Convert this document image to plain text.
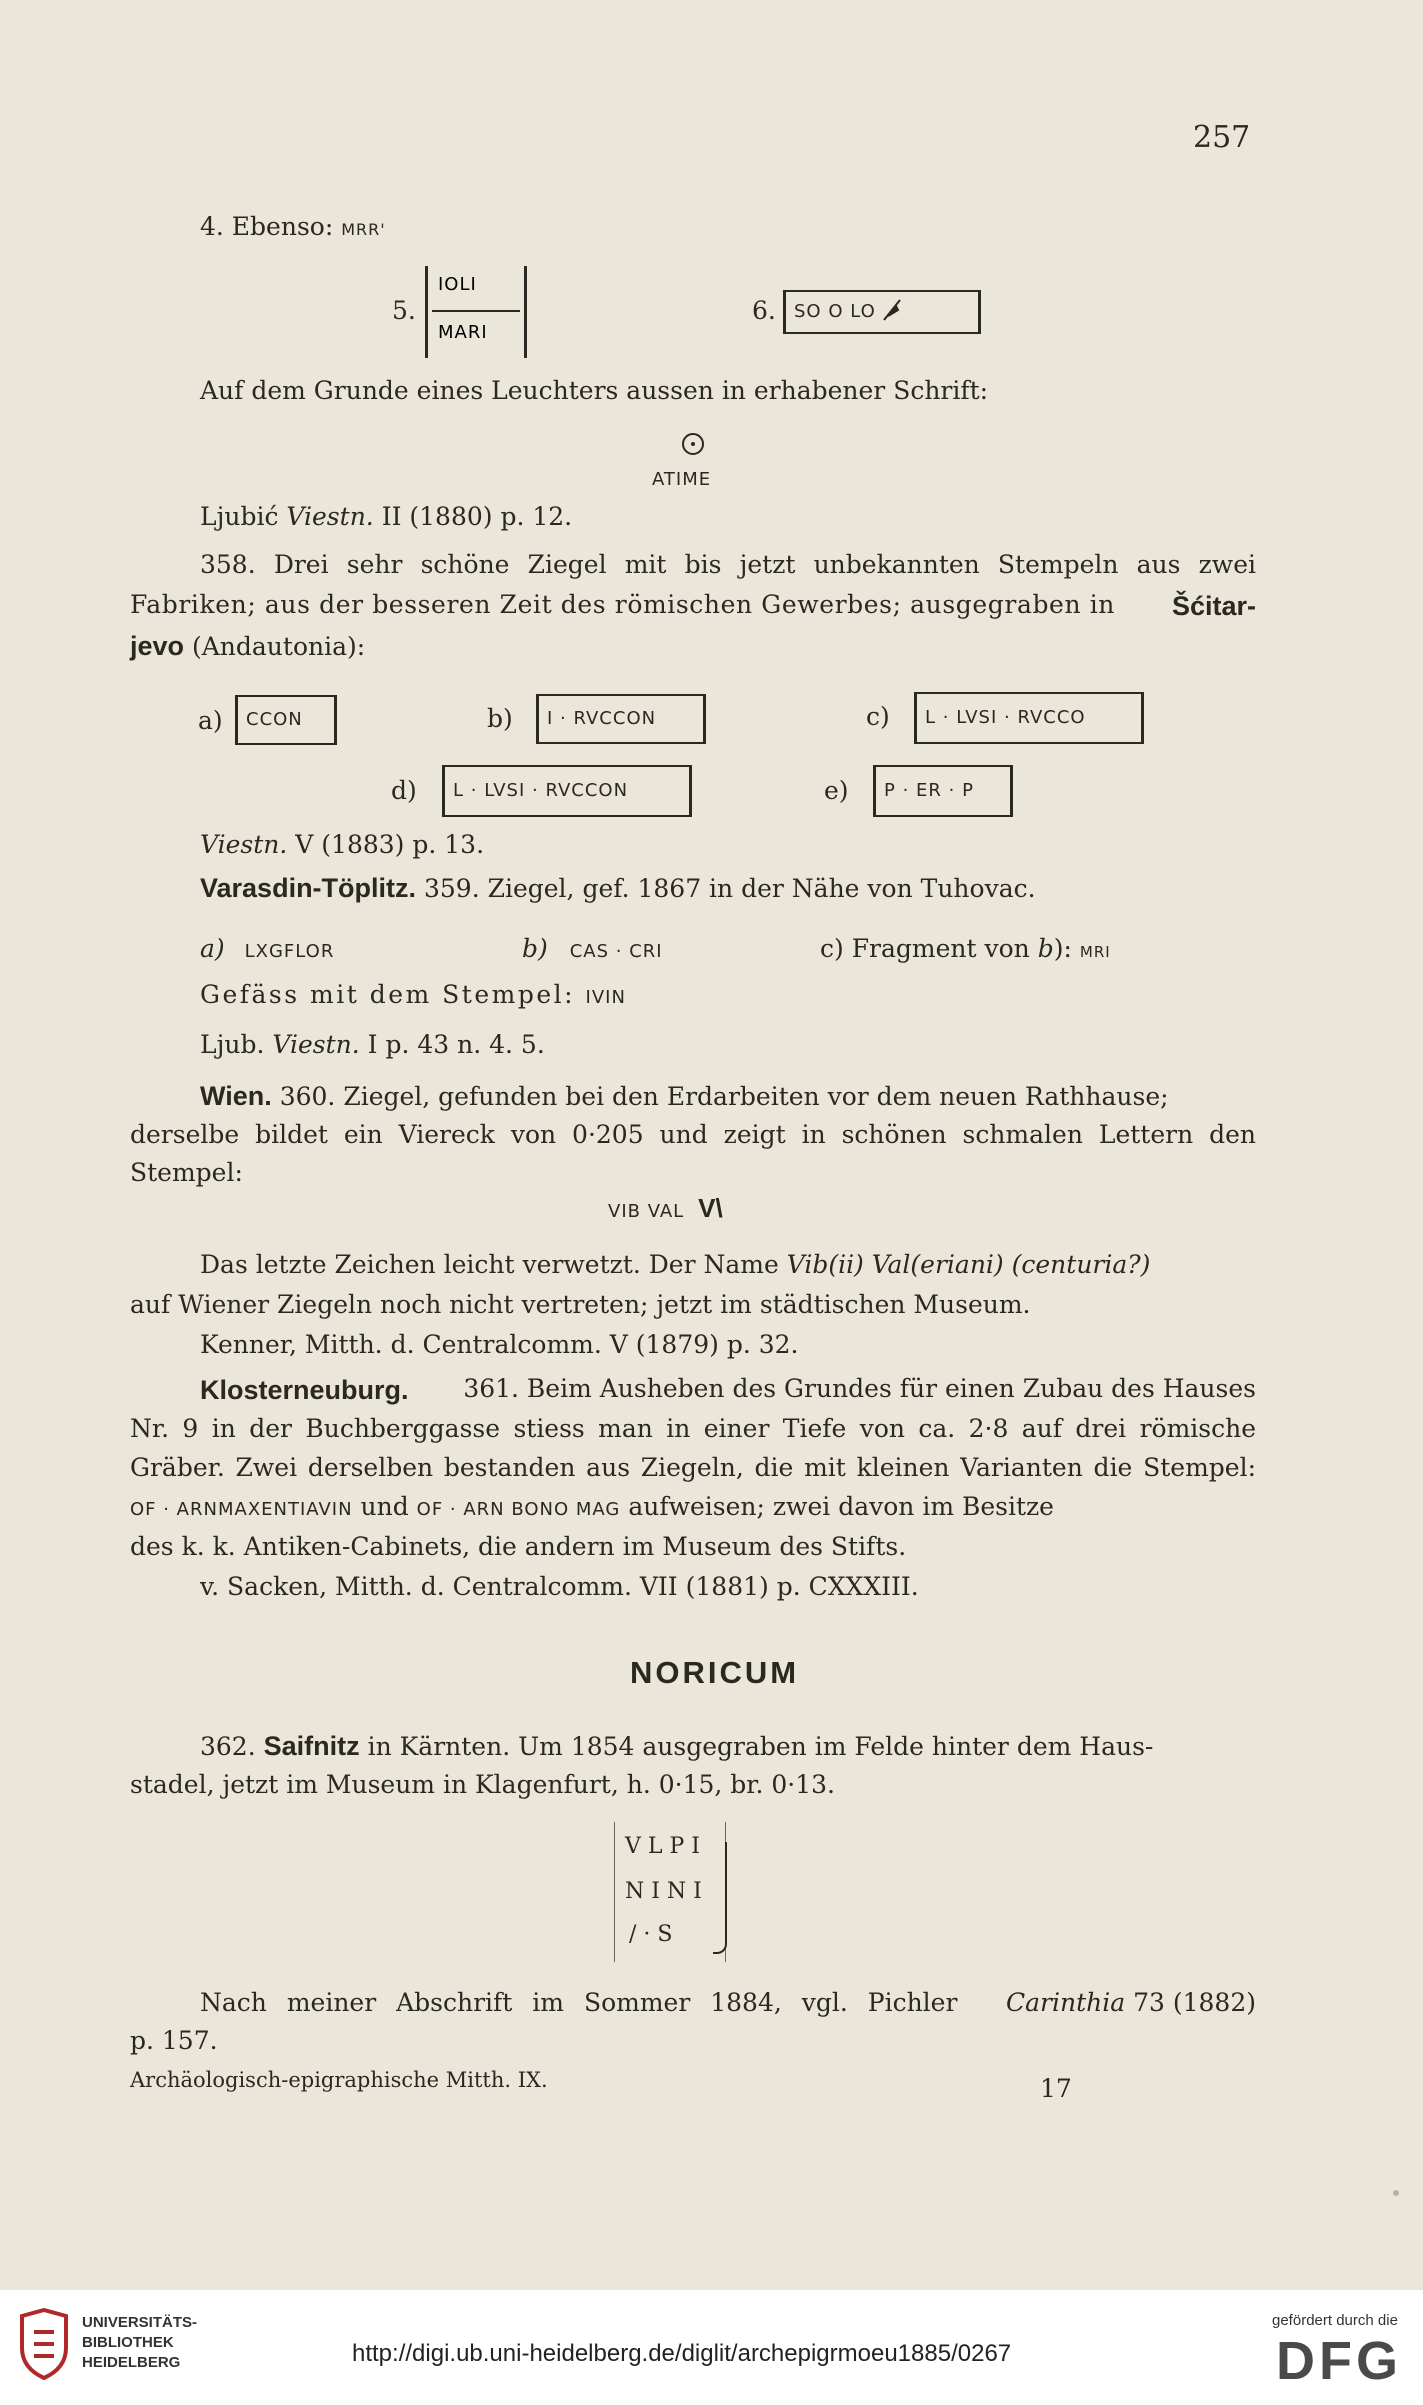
257
4. Ebenso: MRR'
5.
IOLI
MARI
6. SO O LO
Auf dem Grunde eines Leuchters aussen in erhabener Schrift:
ATIME
Ljubić Viestn. II (1880) p. 12.
358. Drei sehr schöne Ziegel mit bis jetzt unbekannten Stempeln aus zwei
Fabriken; aus der besseren Zeit des römischen Gewerbes; ausgegraben in Šćitar-
jevo (Andautonia):
a) CCON	b) I · RVCCON	c) L · LVSI · RVCCO
d) L · LVSI · RVCCON	e) P · ER · P
Viestn. V (1883) p. 13.
Varasdin-Töplitz. 359. Ziegel, gef. 1867 in der Nähe von Tuhovac.
a) LXGFLOR	b) CAS · CRI	c) Fragment von b): MRI
Gefäss mit dem Stempel: IVIN
Ljub. Viestn. I p. 43 n. 4. 5.
Wien. 360. Ziegel, gefunden bei den Erdarbeiten vor dem neuen Rathhause;
derselbe bildet ein Viereck von 0·205 und zeigt in schönen schmalen Lettern den
Stempel:
VIB VAL V\
Das letzte Zeichen leicht verwetzt. Der Name Vib(ii) Val(eriani) (centuria?)
auf Wiener Ziegeln noch nicht vertreten; jetzt im städtischen Museum.
Kenner, Mitth. d. Centralcomm. V (1879) p. 32.
Klosterneuburg. 361. Beim Ausheben des Grundes für einen Zubau des Hauses
Nr. 9 in der Buchberggasse stiess man in einer Tiefe von ca. 2·8 auf drei römische
Gräber. Zwei derselben bestanden aus Ziegeln, die mit kleinen Varianten die Stempel:
OF · ARNMAXENTIAVIN und OF · ARN BONO MAG aufweisen; zwei davon im Besitze
des k. k. Antiken-Cabinets, die andern im Museum des Stifts.
v. Sacken, Mitth. d. Centralcomm. VII (1881) p. CXXXIII.
NORICUM
362. Saifnitz in Kärnten. Um 1854 ausgegraben im Felde hinter dem Haus-
stadel, jetzt im Museum in Klagenfurt, h. 0·15, br. 0·13.
V L P I
N I N I
/ · S
Nach meiner Abschrift im Sommer 1884, vgl. Pichler Carinthia 73 (1882)
p. 157.
Archäologisch-epigraphische Mitth. IX.	17
UNIVERSITÄTS-
BIBLIOTHEK
HEIDELBERG	http://digi.ub.uni-heidelberg.de/diglit/archepigrmoeu1885/0267
gefördert durch die
DFG
